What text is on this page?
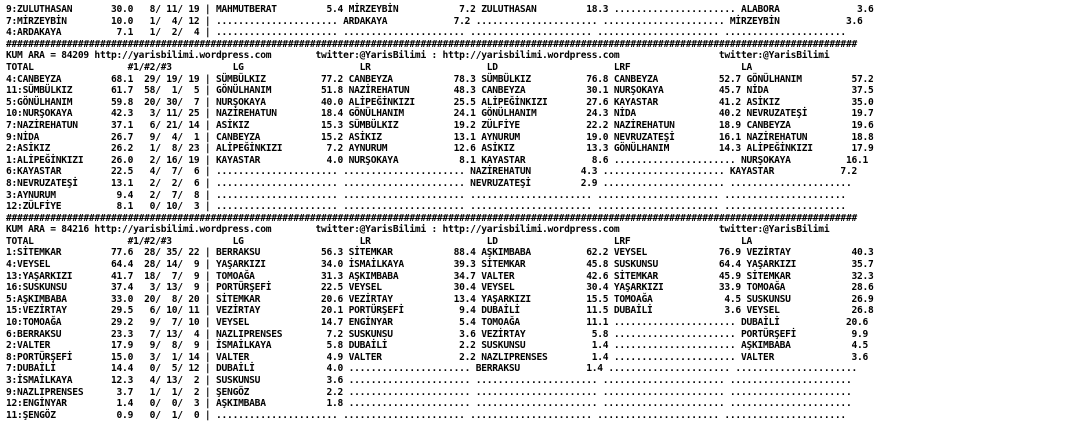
9:ZULUTHASAN       30.0   8/ 11/ 19 | MAHMUTBERAT         5.4 MİRZEYBİN           7.2 ZULUTHASAN         18.3 ...................... ALABORA              3.6
7:MİRZEYBİN        10.0   1/  4/ 12 | ...................... ARDAKAYA            7.2 ...................... ...................... MİRZEYBİN            3.6
4:ARDAKAYA          7.1   1/  2/  4 | ...................... ...................... ...................... ...................... ......................
##########################################################################################################################################################
KUM ARA = 84209 http://yarisbilimi.wordpress.com        twitter:@YarisBilimi : http://yarisbilimi.wordpress.com                  twitter:@YarisBilimi
TOTAL                 #1/#2/#3           LG                     LR                     LD                     LRF                    LA
4:CANBEYZA         68.1  29/ 19/ 19 | SÜMBÜLKIZ          77.2 CANBEYZA           78.3 SÜMBÜLKIZ          76.8 CANBEYZA           52.7 GÖNÜLHANIM         57.2
11:SÜMBÜLKIZ       61.7  58/  1/  5 | GÖNÜLHANIM         51.8 NAZİREHATUN        48.3 CANBEYZA           30.1 NURŞOKAYA          45.7 NİDA               37.5
5:GÖNÜLHANIM       59.8  20/ 30/  7 | NURŞOKAYA          40.0 ALİPEĞİNKIZI       25.5 ALİPEĞİNKIZI       27.6 KAYASTAR           41.2 ASİKIZ             35.0
10:NURŞOKAYA       42.3   3/ 11/ 25 | NAZİREHATUN        18.4 GÖNÜLHANIM         24.1 GÖNÜLHANIM         24.3 NİDA               40.2 NEVRUZATEŞİ        19.7
7:NAZİREHATUN      37.1   6/ 21/ 14 | ASİKIZ             15.3 SÜMBÜLKIZ          19.2 ZÜLFİYE            22.2 NAZİREHATUN        18.9 CANBEYZA           19.6
9:NİDA             26.7   9/  4/  1 | CANBEYZA           15.2 ASİKIZ             13.1 AYNURUM            19.0 NEVRUZATEŞİ        16.1 NAZİREHATUN        18.8
2:ASİKIZ           26.2   1/  8/ 23 | ALİPEĞİNKIZI        7.2 AYNURUM            12.6 ASİKIZ             13.3 GÖNÜLHANIM         14.3 ALİPEĞİNKIZI       17.9
1:ALİPEĞİNKIZI     26.0   2/ 16/ 19 | KAYASTAR            4.0 NURŞOKAYA           8.1 KAYASTAR            8.6 ...................... NURŞOKAYA          16.1
6:KAYASTAR         22.5   4/  7/  6 | ...................... ...................... NAZİREHATUN         4.3 ...................... KAYASTAR            7.2
8:NEVRUZATEŞİ      13.1   2/  2/  6 | ...................... ...................... NEVRUZATEŞİ         2.9 ...................... ......................
3:AYNURUM           9.4   2/  7/  8 | ...................... ...................... ...................... ...................... ......................
12:ZÜLFİYE          8.1   0/ 10/  3 | ...................... ...................... ...................... ...................... ......................
##########################################################################################################################################################
KUM ARA = 84216 http://yarisbilimi.wordpress.com        twitter:@YarisBilimi : http://yarisbilimi.wordpress.com                  twitter:@YarisBilimi
TOTAL                 #1/#2/#3           LG                     LR                     LD                     LRF                    LA
1:SİTEMKAR         77.6  28/ 35/ 22 | BERRAKSU           56.3 SİTEMKAR           88.4 AŞKIMBABA          62.2 VEYSEL             76.9 VEZİRTAY           40.3
4:VEYSEL           64.4  28/ 14/  9 | YAŞARKIZI          34.0 İSMAİLKAYA         39.3 SİTEMKAR           45.8 SUSKUNSU           64.4 YAŞARKIZI          35.7
13:YAŞARKIZI       41.7  18/  7/  9 | TOMOAĞA            31.3 AŞKIMBABA          34.7 VALTER             42.6 SİTEMKAR           45.9 SİTEMKAR           32.3
16:SUSKUNSU        37.4   3/ 13/  9 | PORTÜRŞEFİ         22.5 VEYSEL             30.4 VEYSEL             30.4 YAŞARKIZI          33.9 TOMOAĞA            28.6
5:AŞKIMBABA        33.0  20/  8/ 20 | SİTEMKAR           20.6 VEZİRTAY           13.4 YAŞARKIZI          15.5 TOMOAĞA             4.5 SUSKUNSU           26.9
15:VEZİRTAY        29.5   6/ 10/ 11 | VEZİRTAY           20.1 PORTÜRŞEFİ          9.4 DUBAİLİ            11.5 DUBAİLİ             3.6 VEYSEL             26.8
10:TOMOAĞA         29.2   9/  7/ 10 | VEYSEL             14.7 ENGİNYAR            5.4 TOMOAĞA            11.1 ...................... DUBAİLİ            20.6
6:BERRAKSU         23.3   7/ 13/  4 | NAZLIPRENSES        7.2 SUSKUNSU            3.6 VEZİRTAY            5.8 ...................... PORTÜRŞEFİ          9.9
2:VALTER           17.9   9/  8/  9 | İSMAİLKAYA          5.8 DUBAİLİ             2.2 SUSKUNSU            1.4 ...................... AŞKIMBABA           4.5
8:PORTÜRŞEFİ       15.0   3/  1/ 14 | VALTER              4.9 VALTER              2.2 NAZLIPRENSES        1.4 ...................... VALTER              3.6
7:DUBAİLİ          14.4   0/  5/ 12 | DUBAİLİ             4.0 ...................... BERRAKSU            1.4 ...................... ......................
3:İSMAİLKAYA       12.3   4/ 13/  2 | SUSKUNSU            3.6 ...................... ...................... ...................... ......................
9:NAZLIPRENSES      3.7   1/  1/  2 | ŞENGÖZ              2.2 ...................... ...................... ...................... ......................
12:ENGİNYAR         1.4   0/  0/  3 | AŞKIMBABA           1.8 ...................... ...................... ...................... ......................
11:ŞENGÖZ           0.9   0/  1/  0 | ...................... ...................... ...................... ...................... ......................
